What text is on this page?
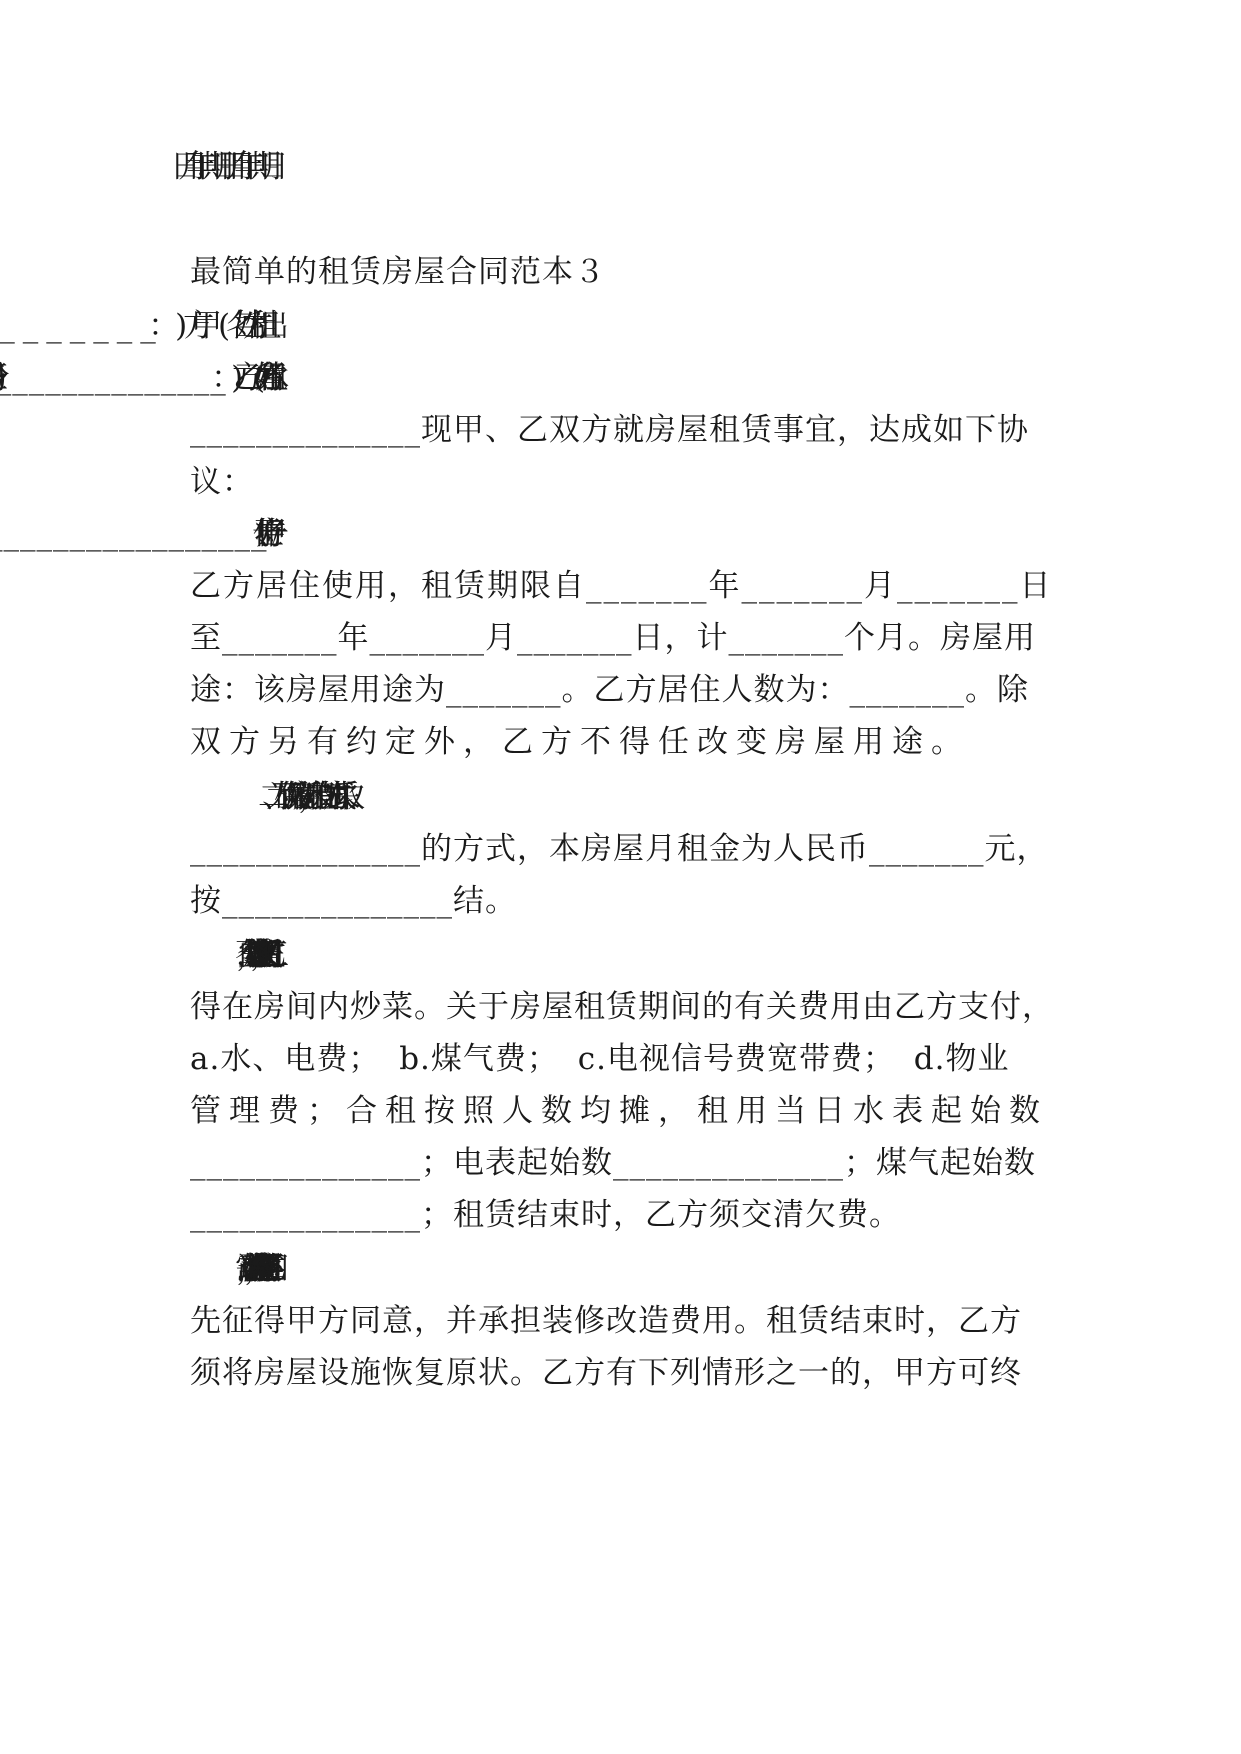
最简单的租赁房屋合同范本３
______________现甲、乙双方就房屋租赁事宜，达成如下协
议：
乙方居住使用，租赁期限自_______年_______月_______日
至_______年_______月_______日，计_______个月。房屋用
途：该房屋用途为_______。乙方居住人数为：_______。除
双方另有约定外，乙方不得任改变房屋用途。
二、为了确保双方利益，房租支付的方式采取
______________的方式，本房屋月租金为人民币_______元，
按______________结。
得在房间内炒菜。关于房屋租赁期间的有关费用由乙方支付，
a.水、电费； b.煤气费； c.电视信号费宽带费； d.物业
管理费；合租按照人数均摊，租用当日水表起始数
______________；电表起始数______________；煤气起始数
______________；租赁结束时，乙方须交清欠费。
先征得甲方同意，并承担装修改造费用。租赁结束时，乙方
须将房屋设施恢复原状。乙方有下列情形之一的，甲方可终
